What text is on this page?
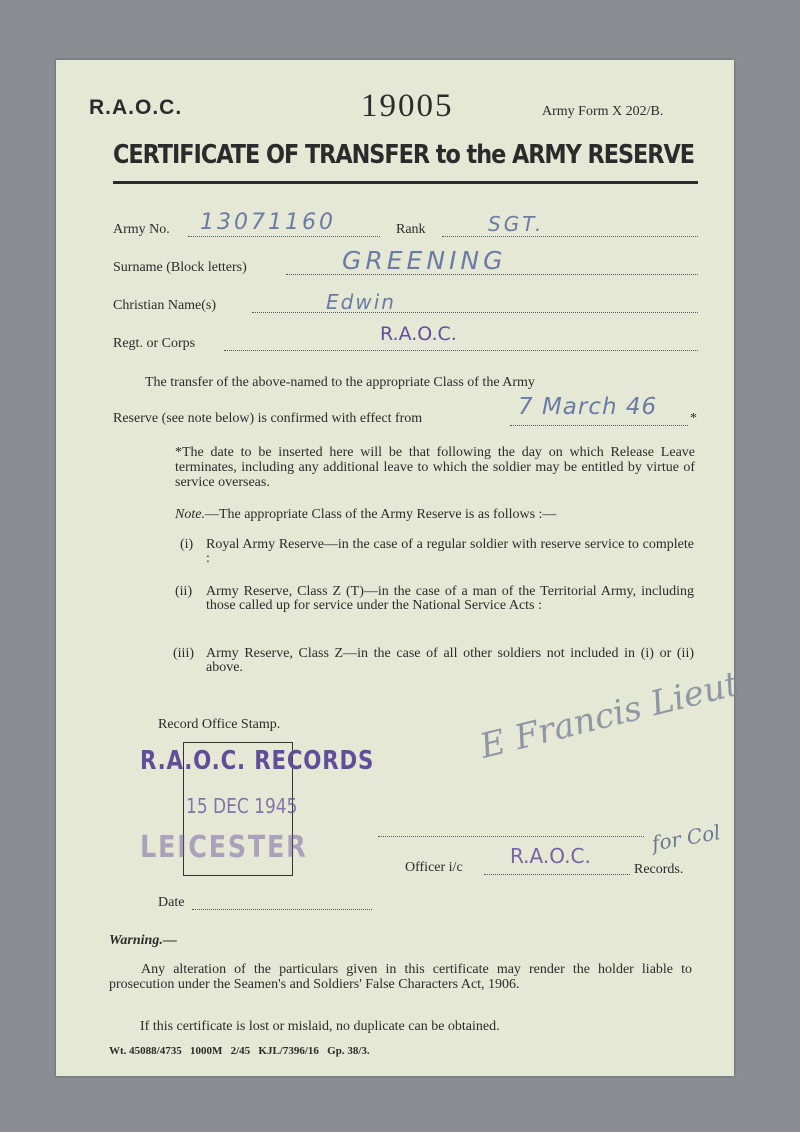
R.A.O.C.	19005	Army Form X 202/B.
CERTIFICATE OF TRANSFER to the ARMY RESERVE
Army No. 13071160	Rank	SGT.
Surname (Block letters)	GREENING
Christian Name(s)	Edwin
Regt. or Corps	R.A.O.C.
The transfer of the above-named to the appropriate Class of the Army
Reserve (see note below) is confirmed with effect from	7 March 46 *
*The date to be inserted here will be that following the day on which Release Leave terminates, including any additional leave to which the soldier may be entitled by virtue of service overseas.
Note.—The appropriate Class of the Army Reserve is as follows :—
(i) Royal Army Reserve—in the case of a regular soldier with reserve service to complete :
(ii) Army Reserve, Class Z (T)—in the case of a man of the Territorial Army, including those called up for service under the National Service Acts :
(iii) Army Reserve, Class Z—in the case of all other soldiers not included in (i) or (ii) above.
Record Office Stamp.
R.A.O.C. RECORDS
15 DEC 1945
LEICESTER
E Francis Lieut
for Col
Officer i/c R.A.O.C.
Records.
Date
Warning.—
Any alteration of the particulars given in this certificate may render the holder liable to prosecution under the Seamen's and Soldiers' False Characters Act, 1906.
If this certificate is lost or mislaid, no duplicate can be obtained.
Wt. 45088/4735   1000M   2/45   KJL/7396/16   Gp. 38/3.
